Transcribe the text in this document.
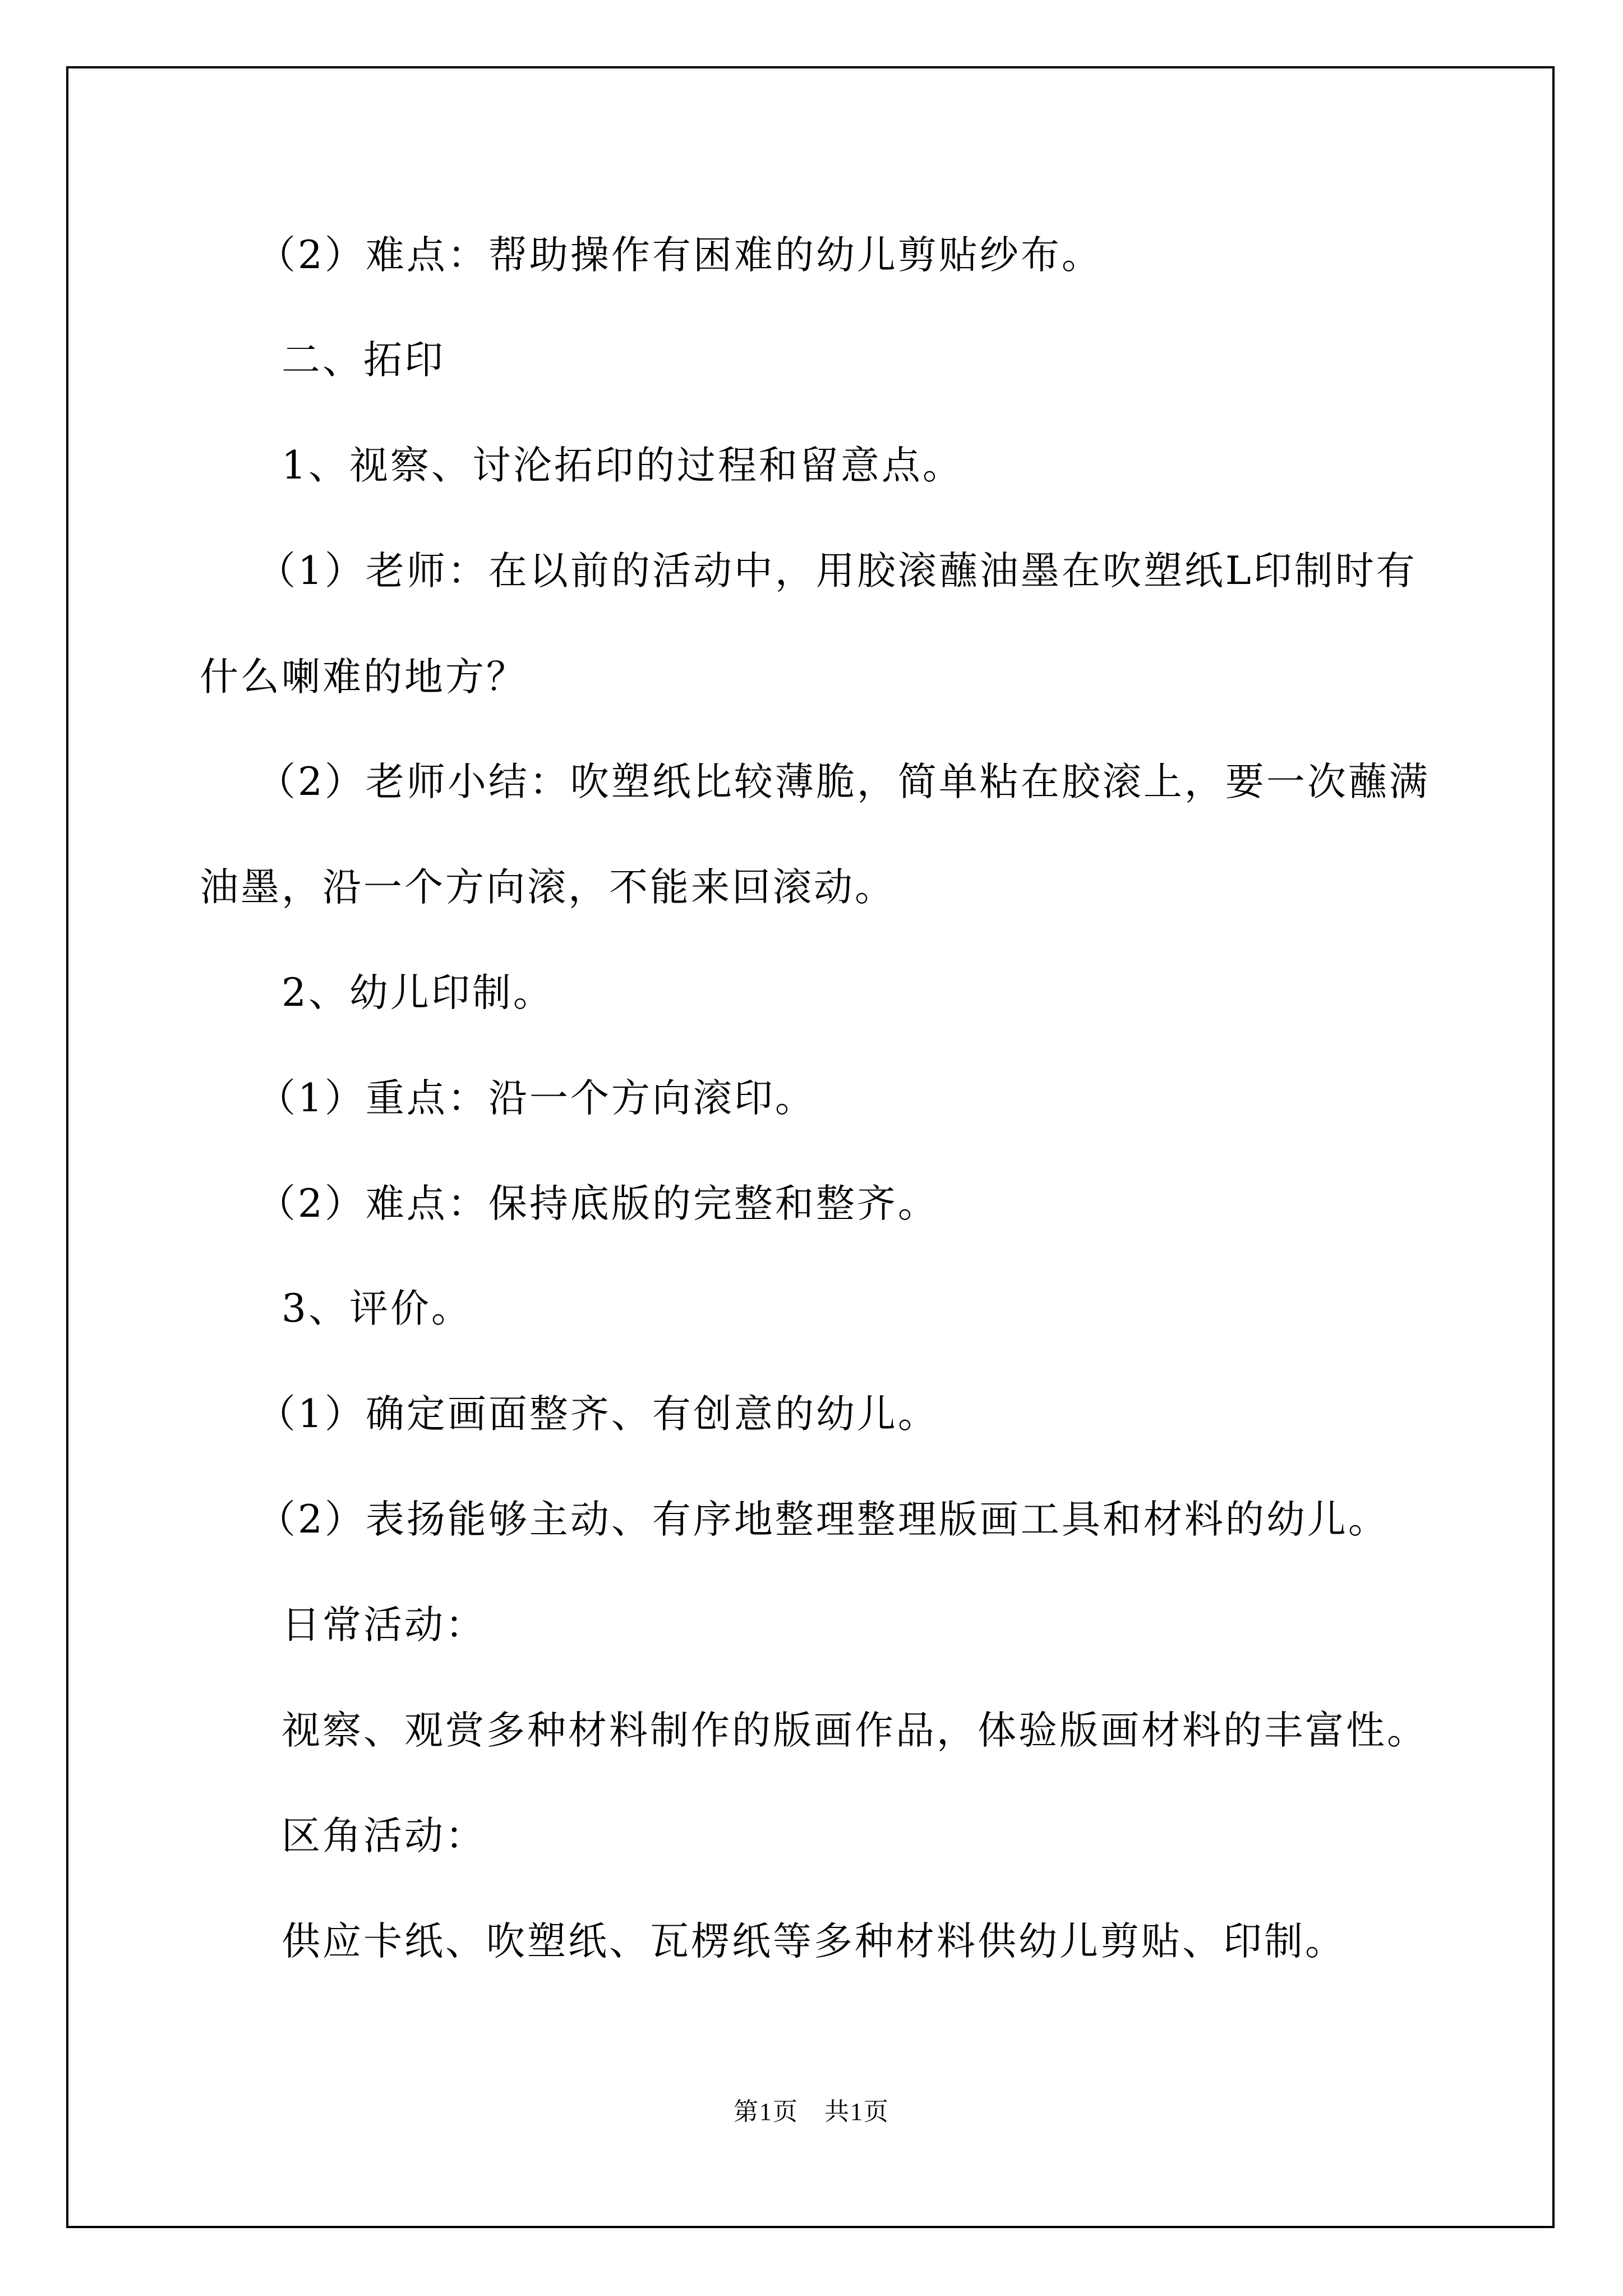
（2）难点：帮助操作有困难的幼儿剪贴纱布。

二、拓印

1、视察、讨沦拓印的过程和留意点。

（1）老师：在以前的活动中，用胶滚蘸油墨在吹塑纸L印制时有

什么喇难的地方？

（2）老师小结：吹塑纸比较薄脆，简单粘在胶滚上，要一次蘸满

油墨，沿一个方向滚，不能来回滚动。

2、幼儿印制。

（1）重点：沿一个方向滚印。

（2）难点：保持底版的完整和整齐。

3、评价。

（1）确定画面整齐、有创意的幼儿。

（2）表扬能够主动、有序地整理整理版画工具和材料的幼儿。

日常活动：

视察、观赏多种材料制作的版画作品，体验版画材料的丰富性。

区角活动：

供应卡纸、吹塑纸、瓦楞纸等多种材料供幼儿剪贴、印制。

第1页　共1页
